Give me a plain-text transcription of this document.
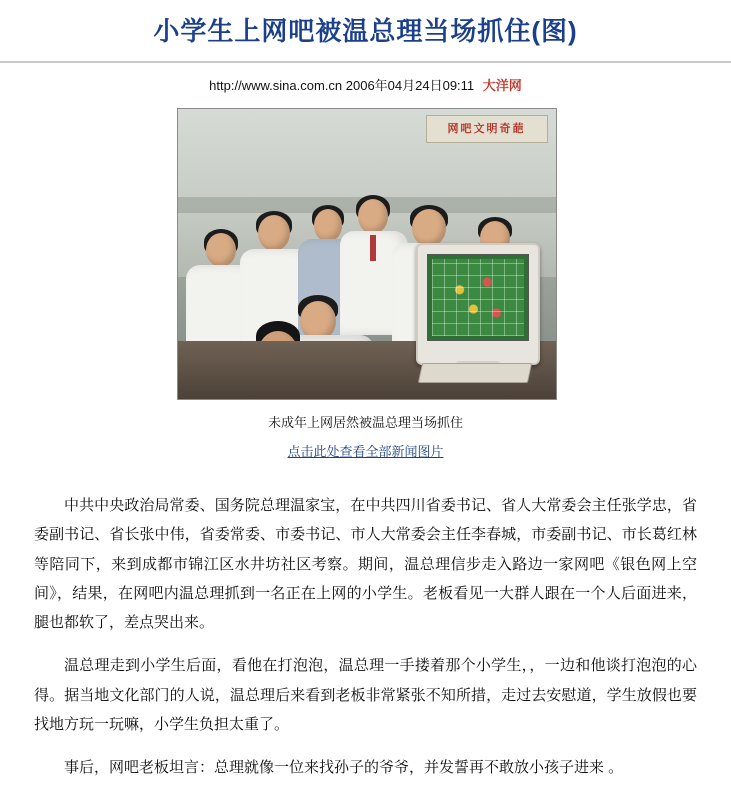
小学生上网吧被温总理当场抓住(图)
http://www.sina.com.cn 2006年04月24日09:11 大洋网
网吧文明奇葩
未成年上网居然被温总理当场抓住
点击此处查看全部新闻图片

中共中央政治局常委、国务院总理温家宝，在中共四川省委书记、省人大常委会主任张学忠，省委副书记、省长张中伟，省委常委、市委书记、市人大常委会主任李春城，市委副书记、市长葛红林等陪同下，来到成都市锦江区水井坊社区考察。期间，温总理信步走入路边一家网吧《银色网上空间》，结果，在网吧内温总理抓到一名正在上网的小学生。老板看见一大群人跟在一个人后面进来，腿也都软了，差点哭出来。

温总理走到小学生后面，看他在打泡泡，温总理一手搂着那个小学生，，一边和他谈打泡泡的心得。据当地文化部门的人说，温总理后来看到老板非常紧张不知所措，走过去安慰道，学生放假也要找地方玩一玩嘛，小学生负担太重了。

事后，网吧老板坦言：总理就像一位来找孙子的爷爷，并发誓再不敢放小孩子进来 。
